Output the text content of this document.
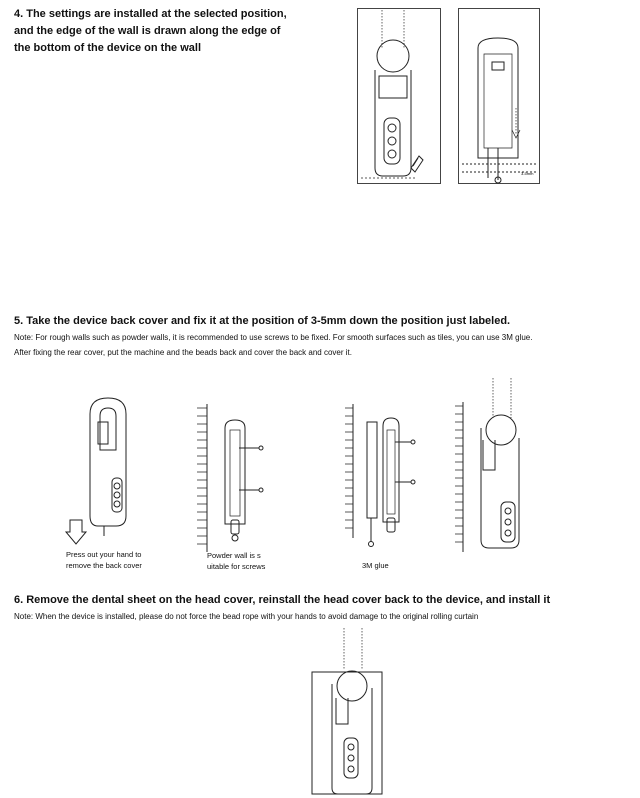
4. The settings are installed at the selected position,
and the edge of the wall is drawn along the edge of
the bottom of the device on the wall
3-5mm
5. Take the device back cover and fix it at the position of 3-5mm down the position just labeled.
Note: For rough walls such as powder walls, it is recommended to use screws to be fixed. For smooth surfaces such as tiles, you can use 3M glue.
After fixing the rear cover, put the machine and the beads back and cover the back and cover it.
Press out your hand to
remove the back cover
Powder wall is s
uitable for screws	3M glue
6. Remove the dental sheet on the head cover, reinstall the head cover back to the device, and install it
Note: When the device is installed, please do not force the bead rope with your hands to avoid damage to the original rolling curtain
